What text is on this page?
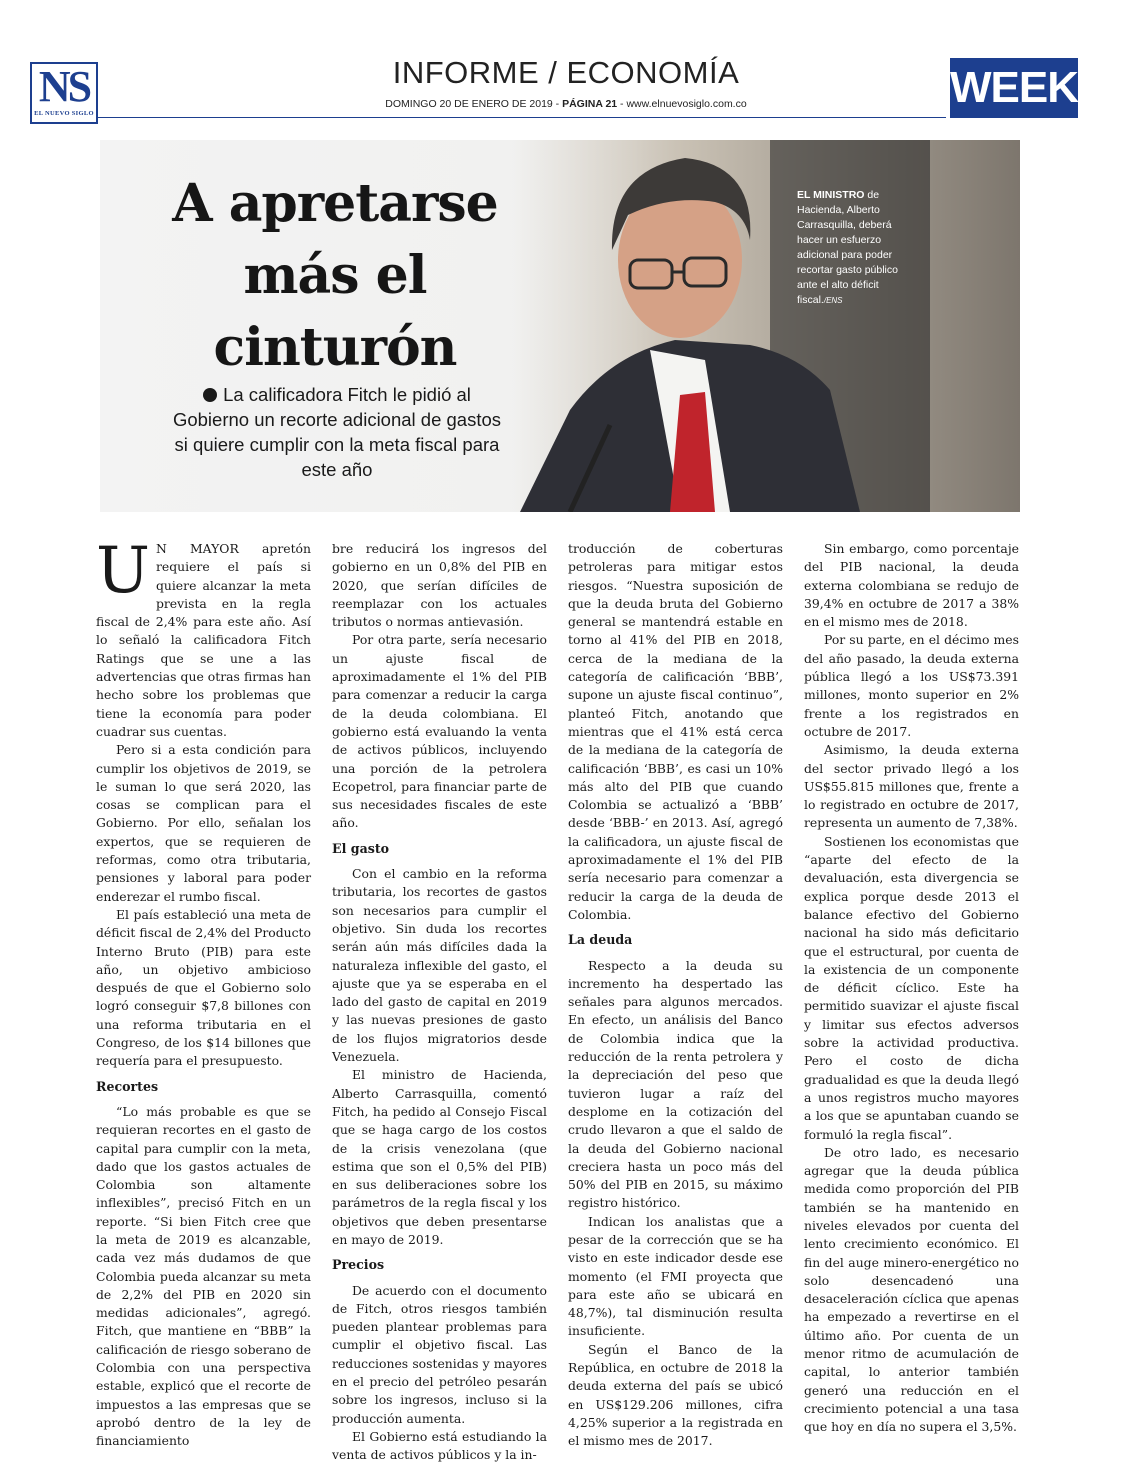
NS
EL NUEVO SIGLO
INFORME / ECONOMÍA
DOMINGO 20 DE ENERO DE 2019 - PÁGINA 21 - www.elnuevosiglo.com.co	WEEK
A apretarse
más el
cinturón
La calificadora Fitch le pidió al Gobierno un recorte adicional de gastos si quiere cumplir con la meta fiscal para este año
EL MINISTRO de Hacienda, Alberto Carrasquilla, deberá hacer un esfuerzo adicional para poder recortar gasto público ante el alto déficit fiscal./ENS

U N MAYOR apretón requiere el país si quiere alcanzar la meta prevista en la regla fiscal de 2,4% para este año. Así lo señaló la calificadora Fitch Ratings que se une a las advertencias que otras firmas han hecho sobre los problemas que tiene la economía para poder cuadrar sus cuentas.

Pero si a esta condición para cumplir los objetivos de 2019, se le suman lo que será 2020, las cosas se complican para el Gobierno. Por ello, señalan los expertos, que se requieren de reformas, como otra tributaria, pensiones y laboral para poder enderezar el rumbo fiscal.

El país estableció una meta de déficit fiscal de 2,4% del Producto Interno Bruto (PIB) para este año, un objetivo ambicioso después de que el Gobierno solo logró conseguir $7,8 billones con una reforma tributaria en el Congreso, de los $14 billones que requería para el presupuesto.

Recortes

“Lo más probable es que se requieran recortes en el gasto de capital para cumplir con la meta, dado que los gastos actuales de Colombia son altamente inflexibles”, precisó Fitch en un reporte. “Si bien Fitch cree que la meta de 2019 es alcanzable, cada vez más dudamos de que Colombia pueda alcanzar su meta de 2,2% del PIB en 2020 sin medidas adicionales”, agregó. Fitch, que mantiene en “BBB” la calificación de riesgo soberano de Colombia con una perspectiva estable, explicó que el recorte de impuestos a las empresas que se aprobó dentro de la ley de financiamiento

bre reducirá los ingresos del gobierno en un 0,8% del PIB en 2020, que serían difíciles de reemplazar con los actuales tributos o normas antievasión.

Por otra parte, sería necesario un ajuste fiscal de aproximadamente el 1% del PIB para comenzar a reducir la carga de la deuda colombiana. El gobierno está evaluando la venta de activos públicos, incluyendo una porción de la petrolera Ecopetrol, para financiar parte de sus necesidades fiscales de este año.

El gasto

Con el cambio en la reforma tributaria, los recortes de gastos son necesarios para cumplir el objetivo. Sin duda los recortes serán aún más difíciles dada la naturaleza inflexible del gasto, el ajuste que ya se esperaba en el lado del gasto de capital en 2019 y las nuevas presiones de gasto de los flujos migratorios desde Venezuela.

El ministro de Hacienda, Alberto Carrasquilla, comentó Fitch, ha pedido al Consejo Fiscal que se haga cargo de los costos de la crisis venezolana (que estima que son el 0,5% del PIB) en sus deliberaciones sobre los parámetros de la regla fiscal y los objetivos que deben presentarse en mayo de 2019.

Precios

De acuerdo con el documento de Fitch, otros riesgos también pueden plantear problemas para cumplir el objetivo fiscal. Las reducciones sostenidas y mayores en el precio del petróleo pesarán sobre los ingresos, incluso si la producción aumenta.

El Gobierno está estudiando la venta de activos públicos y la in-

troducción de coberturas petroleras para mitigar estos riesgos. “Nuestra suposición de que la deuda bruta del Gobierno general se mantendrá estable en torno al 41% del PIB en 2018, cerca de la mediana de la categoría de calificación ‘BBB’, supone un ajuste fiscal continuo”, planteó Fitch, anotando que mientras que el 41% está cerca de la mediana de la categoría de calificación ‘BBB’, es casi un 10% más alto del PIB que cuando Colombia se actualizó a ‘BBB’ desde ‘BBB-’ en 2013. Así, agregó la calificadora, un ajuste fiscal de aproximadamente el 1% del PIB sería necesario para comenzar a reducir la carga de la deuda de Colombia.

La deuda

Respecto a la deuda su incremento ha despertado las señales para algunos mercados. En efecto, un análisis del Banco de Colombia indica que la reducción de la renta petrolera y la depreciación del peso que tuvieron lugar a raíz del desplome en la cotización del crudo llevaron a que el saldo de la deuda del Gobierno nacional creciera hasta un poco más del 50% del PIB en 2015, su máximo registro histórico.

Indican los analistas que a pesar de la corrección que se ha visto en este indicador desde ese momento (el FMI proyecta que para este año se ubicará en 48,7%), tal disminución resulta insuficiente.

Según el Banco de la República, en octubre de 2018 la deuda externa del país se ubicó en US$129.206 millones, cifra 4,25% superior a la registrada en el mismo mes de 2017.

Sin embargo, como porcentaje del PIB nacional, la deuda externa colombiana se redujo de 39,4% en octubre de 2017 a 38% en el mismo mes de 2018.

Por su parte, en el décimo mes del año pasado, la deuda externa pública llegó a los US$73.391 millones, monto superior en 2% frente a los registrados en octubre de 2017.

Asimismo, la deuda externa del sector privado llegó a los US$55.815 millones que, frente a lo registrado en octubre de 2017, representa un aumento de 7,38%.

Sostienen los economistas que “aparte del efecto de la devaluación, esta divergencia se explica porque desde 2013 el balance efectivo del Gobierno nacional ha sido más deficitario que el estructural, por cuenta de la existencia de un componente de déficit cíclico. Este ha permitido suavizar el ajuste fiscal y limitar sus efectos adversos sobre la actividad productiva. Pero el costo de dicha gradualidad es que la deuda llegó a unos registros mucho mayores a los que se apuntaban cuando se formuló la regla fiscal”.

De otro lado, es necesario agregar que la deuda pública medida como proporción del PIB también se ha mantenido en niveles elevados por cuenta del lento crecimiento económico. El fin del auge minero-energético no solo desencadenó una desaceleración cíclica que apenas ha empezado a revertirse en el último año. Por cuenta de un menor ritmo de acumulación de capital, lo anterior también generó una reducción en el crecimiento potencial a una tasa que hoy en día no supera el 3,5%.
